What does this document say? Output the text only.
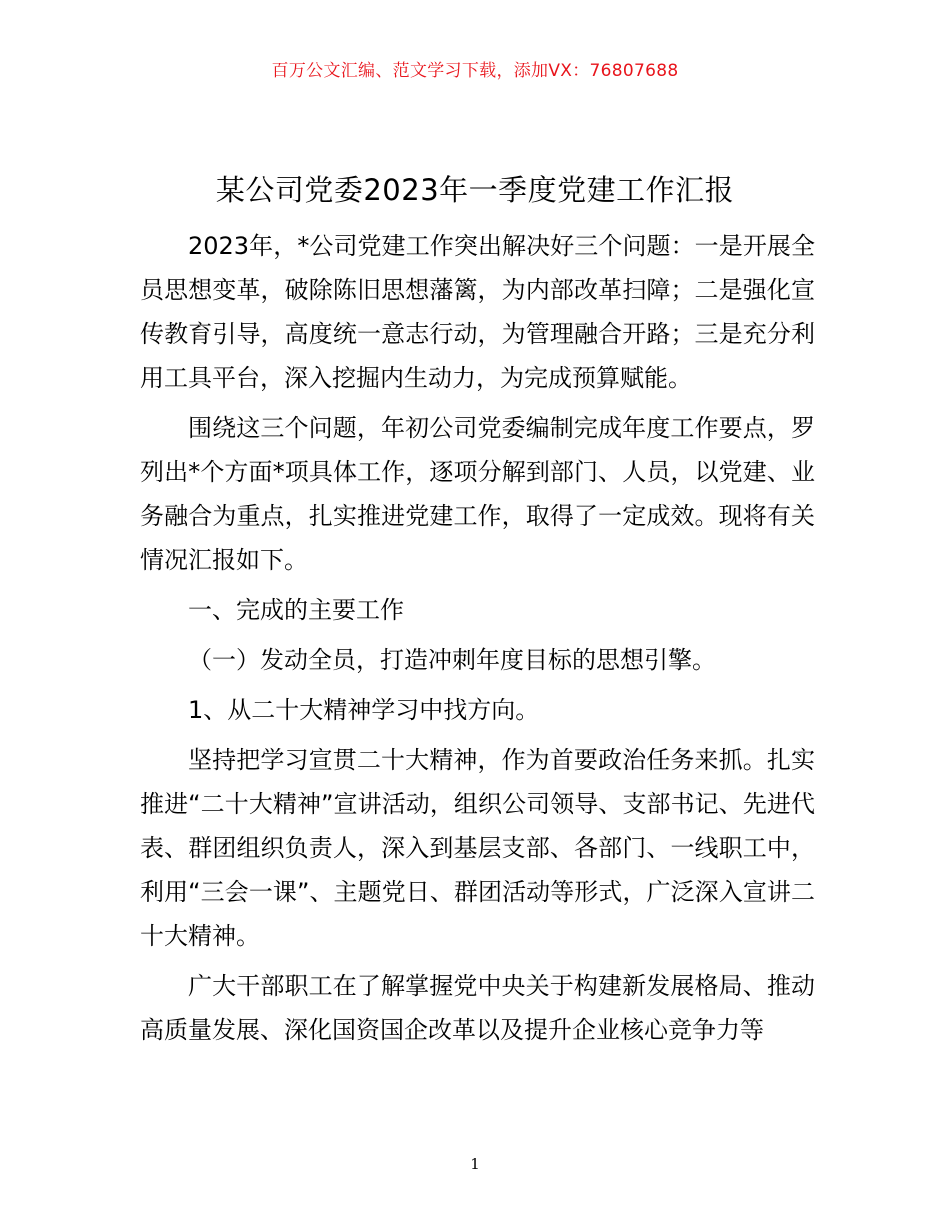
百万公文汇编、范文学习下载，添加VX：76807688
某公司党委2023年一季度党建工作汇报

2023年，*公司党建工作突出解决好三个问题：一是开展全员思想变革，破除陈旧思想藩篱，为内部改革扫障；二是强化宣传教育引导，高度统一意志行动，为管理融合开路；三是充分利用工具平台，深入挖掘内生动力，为完成预算赋能。

围绕这三个问题，年初公司党委编制完成年度工作要点，罗列出*个方面*项具体工作，逐项分解到部门、人员，以党建、业务融合为重点，扎实推进党建工作，取得了一定成效。现将有关情况汇报如下。

一、完成的主要工作

（一）发动全员，打造冲刺年度目标的思想引擎。

1、从二十大精神学习中找方向。

坚持把学习宣贯二十大精神，作为首要政治任务来抓。扎实推进“二十大精神”宣讲活动，组织公司领导、支部书记、先进代表、群团组织负责人，深入到基层支部、各部门、一线职工中，利用“三会一课”、主题党日、群团活动等形式，广泛深入宣讲二十大精神。

广大干部职工在了解掌握党中央关于构建新发展格局、推动高质量发展、深化国资国企改革以及提升企业核心竞争力等

1
